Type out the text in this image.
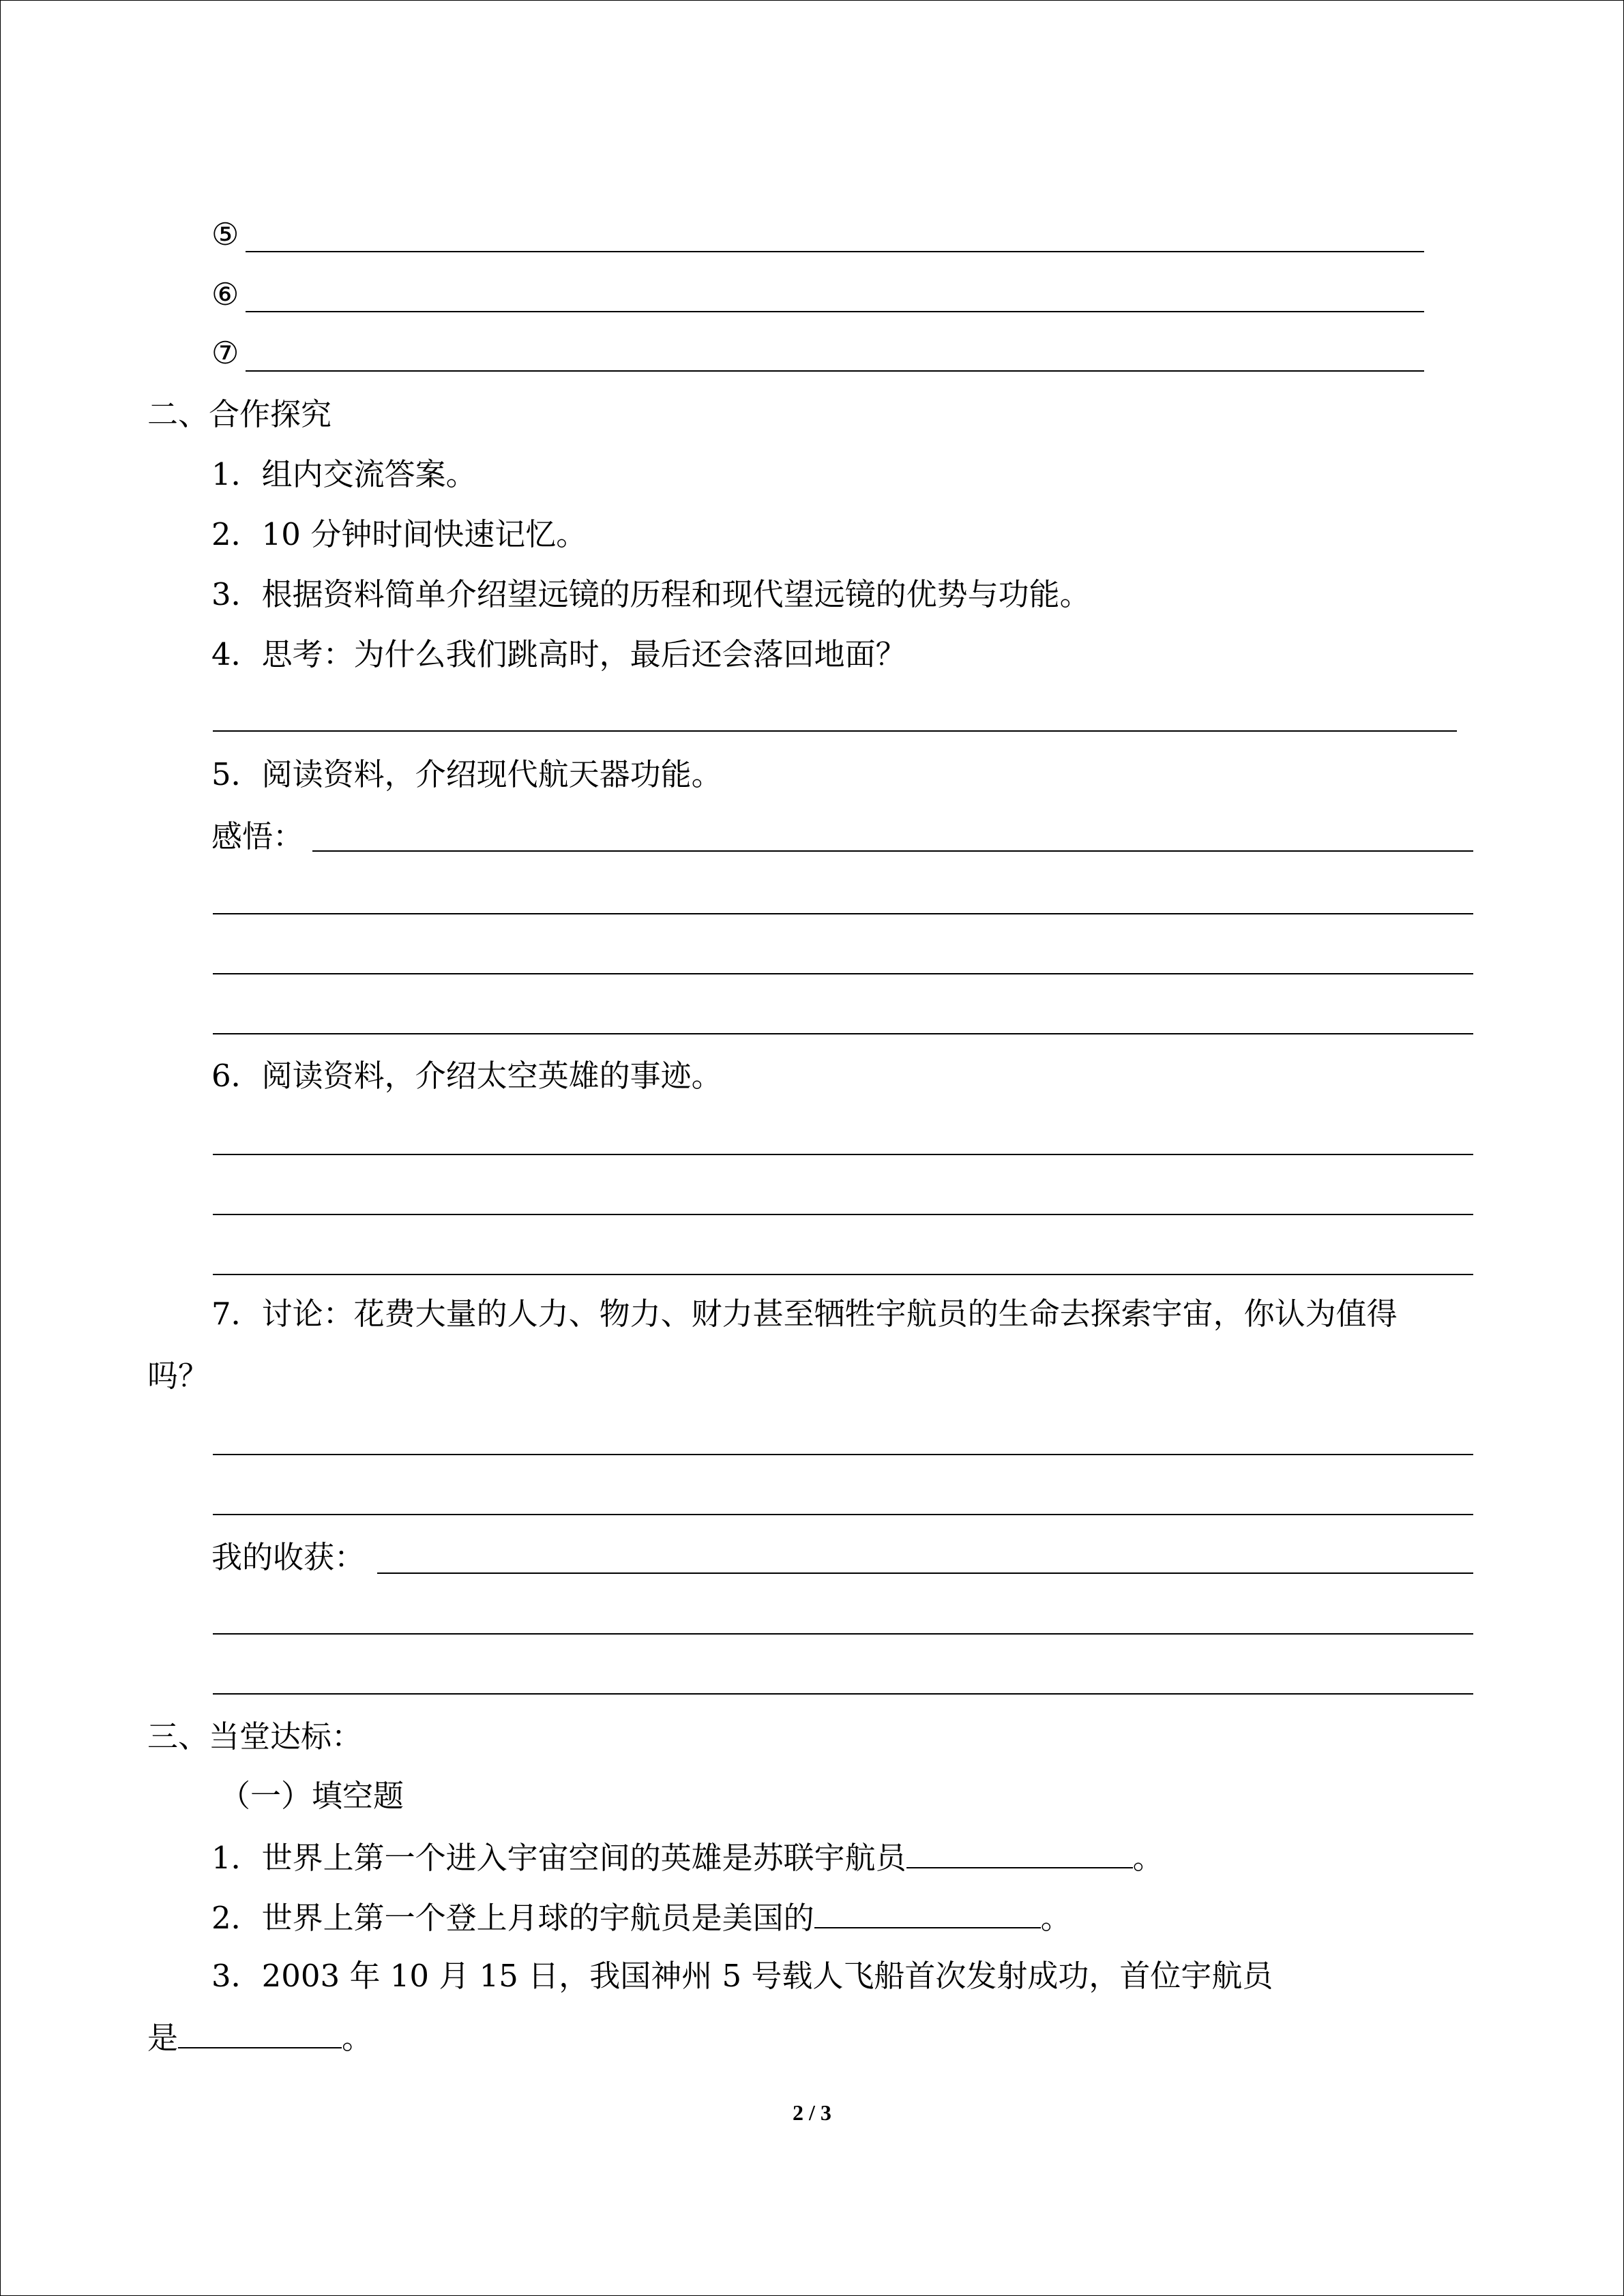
⑤
⑥
⑦
二、合作探究
1．组内交流答案。
2．10 分钟时间快速记忆。
3．根据资料简单介绍望远镜的历程和现代望远镜的优势与功能。
4．思考：为什么我们跳高时，最后还会落回地面？
5．阅读资料，介绍现代航天器功能。
感悟：
6．阅读资料，介绍太空英雄的事迹。
7．讨论：花费大量的人力、物力、财力甚至牺牲宇航员的生命去探索宇宙，你认为值得
吗？
我的收获：
三、当堂达标：
（一）填空题
1．世界上第一个进入宇宙空间的英雄是苏联宇航员	。
2．世界上第一个登上月球的宇航员是美国的	。
3．2003 年 10 月 15 日，我国神州 5 号载人飞船首次发射成功，首位宇航员
是	。
2 / 3
